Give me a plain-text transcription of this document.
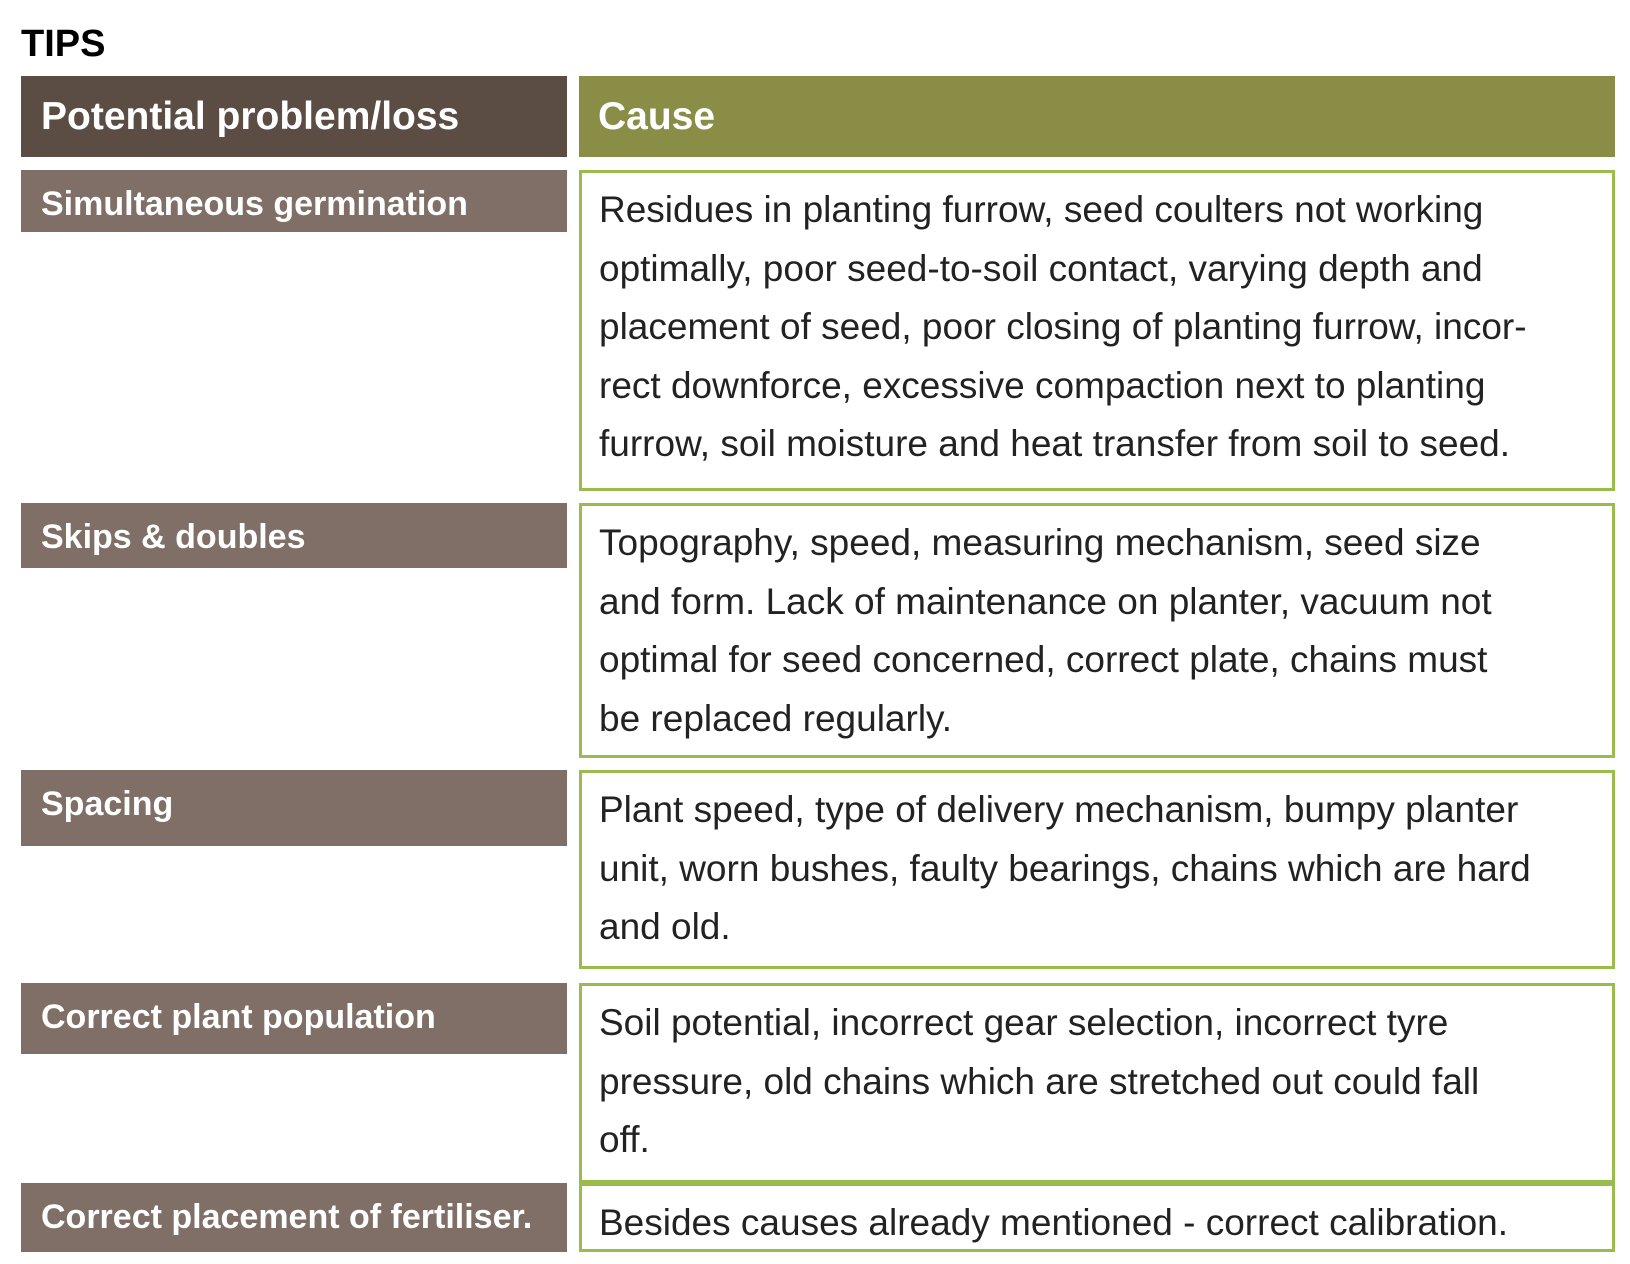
TIPS
Potential problem/loss	Cause
Simultaneous germination	Residues in planting furrow, seed coulters not working
optimally, poor seed-to-soil contact, varying depth and
placement of seed, poor closing of planting furrow, incor-
rect downforce, excessive compaction next to planting
furrow, soil moisture and heat transfer from soil to seed.
Skips & doubles	Topography, speed, measuring mechanism, seed size
and form. Lack of maintenance on planter, vacuum not
optimal for seed concerned, correct plate, chains must
be replaced regularly.
Spacing	Plant speed, type of delivery mechanism, bumpy planter
unit, worn bushes, faulty bearings, chains which are hard
and old.
Correct plant population	Soil potential, incorrect gear selection, incorrect tyre
pressure, old chains which are stretched out could fall
off.
Correct placement of fertiliser.	Besides causes already mentioned - correct calibration.
